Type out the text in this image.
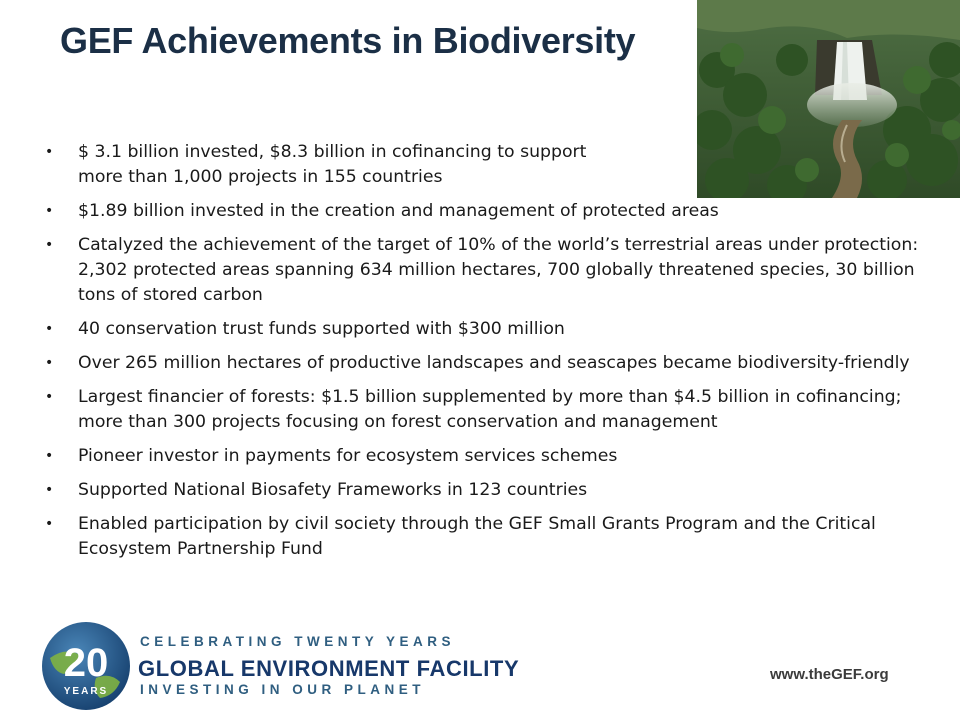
GEF Achievements in Biodiversity
• $ 3.1 billion invested, $8.3 billion in cofinancing to support more than 1,000 projects in 155 countries
• $1.89 billion invested in the creation and management of protected areas
• Catalyzed the achievement of the target of 10% of the world’s terrestrial areas under protection: 2,302 protected areas spanning 634 million hectares, 700 globally threatened species, 30 billion tons of stored carbon
• 40 conservation trust funds supported with $300 million
• Over 265 million hectares of productive landscapes and seascapes became biodiversity-friendly
• Largest financier of forests: $1.5 billion supplemented by more than $4.5 billion in cofinancing; more than 300 projects focusing on forest conservation and management
• Pioneer investor in payments for ecosystem services schemes
• Supported National Biosafety Frameworks in 123 countries
• Enabled participation by civil society through the GEF Small Grants Program and the Critical Ecosystem Partnership Fund
20
YEARS
CELEBRATING TWENTY YEARS
GLOBAL ENVIRONMENT FACILITY
INVESTING IN OUR PLANET
www.theGEF.org
